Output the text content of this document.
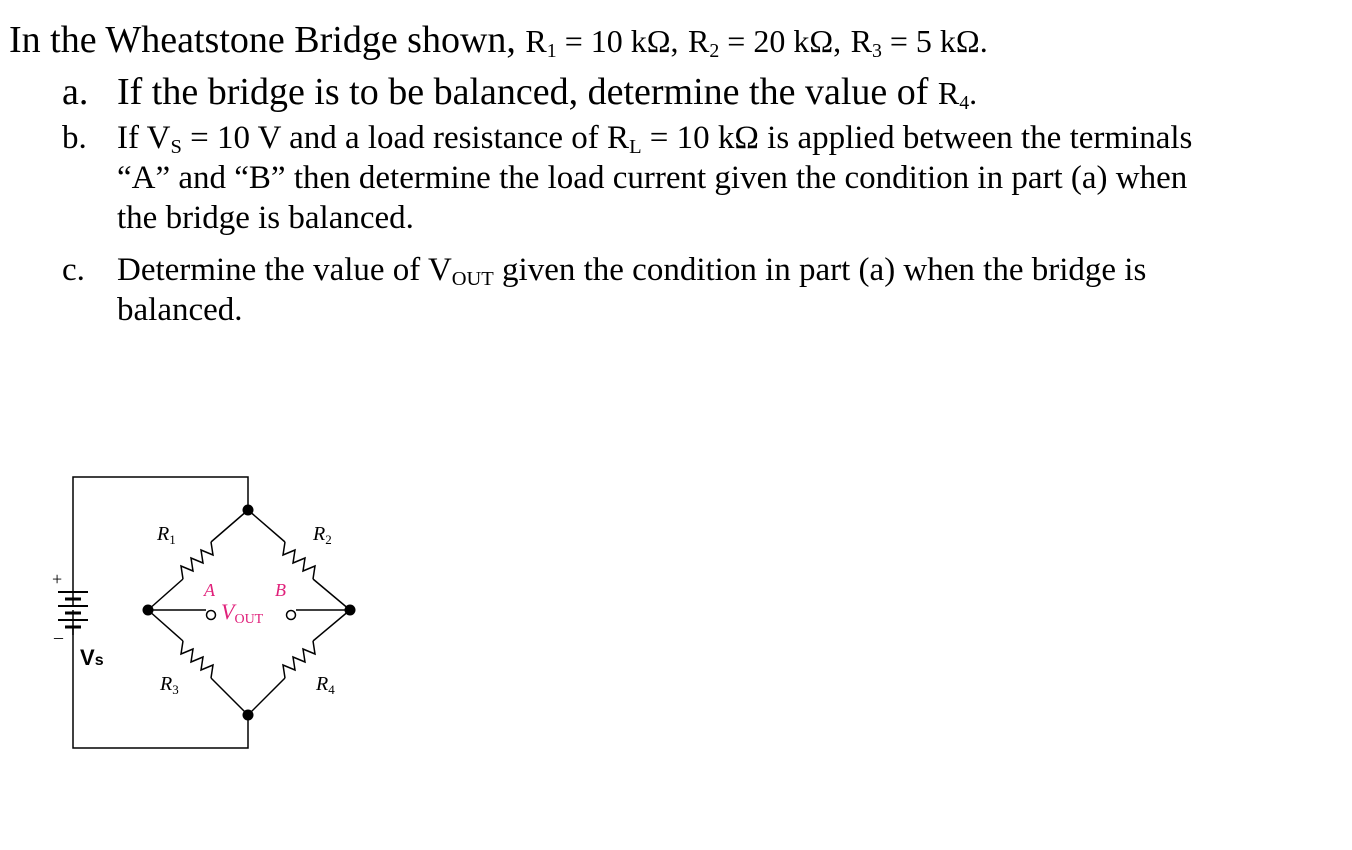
In the Wheatstone Bridge shown, $R_1 = 10$ kΩ, $R_2 = 20$ kΩ, $R_3 = 5$ kΩ.
a. If the bridge is to be balanced, determine the value of $R_4$.
b. If $V_S = 10$ V and a load resistance of $R_L = 10$ kΩ is applied between the terminals
“A” and “B” then determine the load current given the condition in part (a) when
the bridge is balanced.
c. Determine the value of $V_{OUT}$ given the condition in part (a) when the bridge is
balanced.
$R_1$	$R_2$
$R_3$	$R_4$
A	B
VOUT
Vs
+
–
